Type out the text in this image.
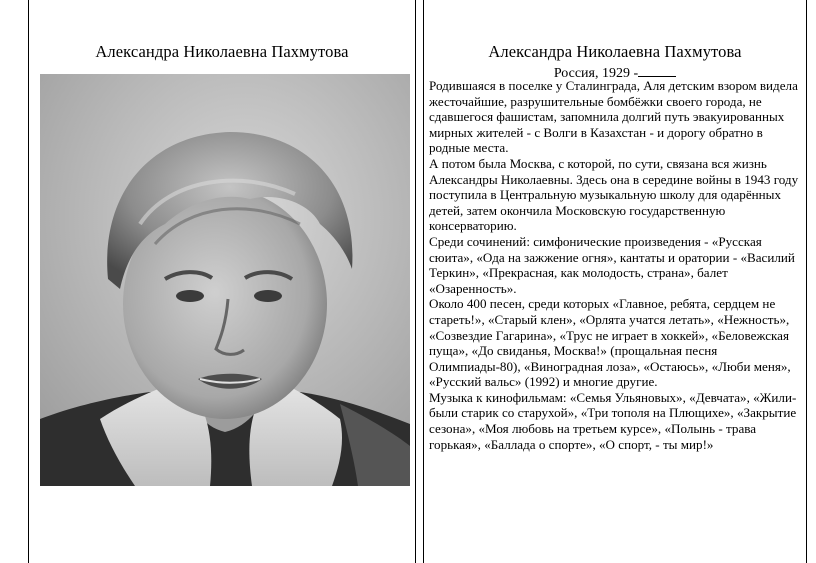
Александра Николаевна Пахмутова	Александра Николаевна Пахмутова
Россия, 1929 -

Родившаяся в поселке у Сталинграда, Аля детским взором видела жесточайшие, разрушительные бомбёжки своего города, не сдавшегося фашистам, запомнила долгий путь эвакуированных мирных жителей - с Волги в Казахстан - и дорогу обратно в родные места.

А потом была Москва, с которой, по сути, связана вся жизнь Александры Николаевны. Здесь она в середине войны в 1943 году поступила в Центральную музыкальную школу для одарённых детей, затем окончила Московскую государственную консерваторию.

Среди сочинений: симфонические произведения - «Русская сюита», «Ода на зажжение огня», кантаты и оратории - «Василий Теркин», «Прекрасная, как молодость, страна», балет «Озаренность».

Около 400 песен, среди которых «Главное, ребята, сердцем не стареть!», «Старый клен», «Орлята учатся летать», «Нежность», «Созвездие Гагарина», «Трус не играет в хоккей», «Беловежская пуща», «До свиданья, Москва!» (прощальная песня Олимпиады-80), «Виноградная лоза», «Остаюсь», «Люби меня», «Русский вальс» (1992) и многие другие.

Музыка к кинофильмам: «Семья Ульяновых», «Девчата», «Жили-были старик со старухой», «Три тополя на Плющихе», «Закрытие сезона», «Моя любовь на третьем курсе», «Полынь - трава горькая», «Баллада о спорте», «О спорт, - ты мир!»
